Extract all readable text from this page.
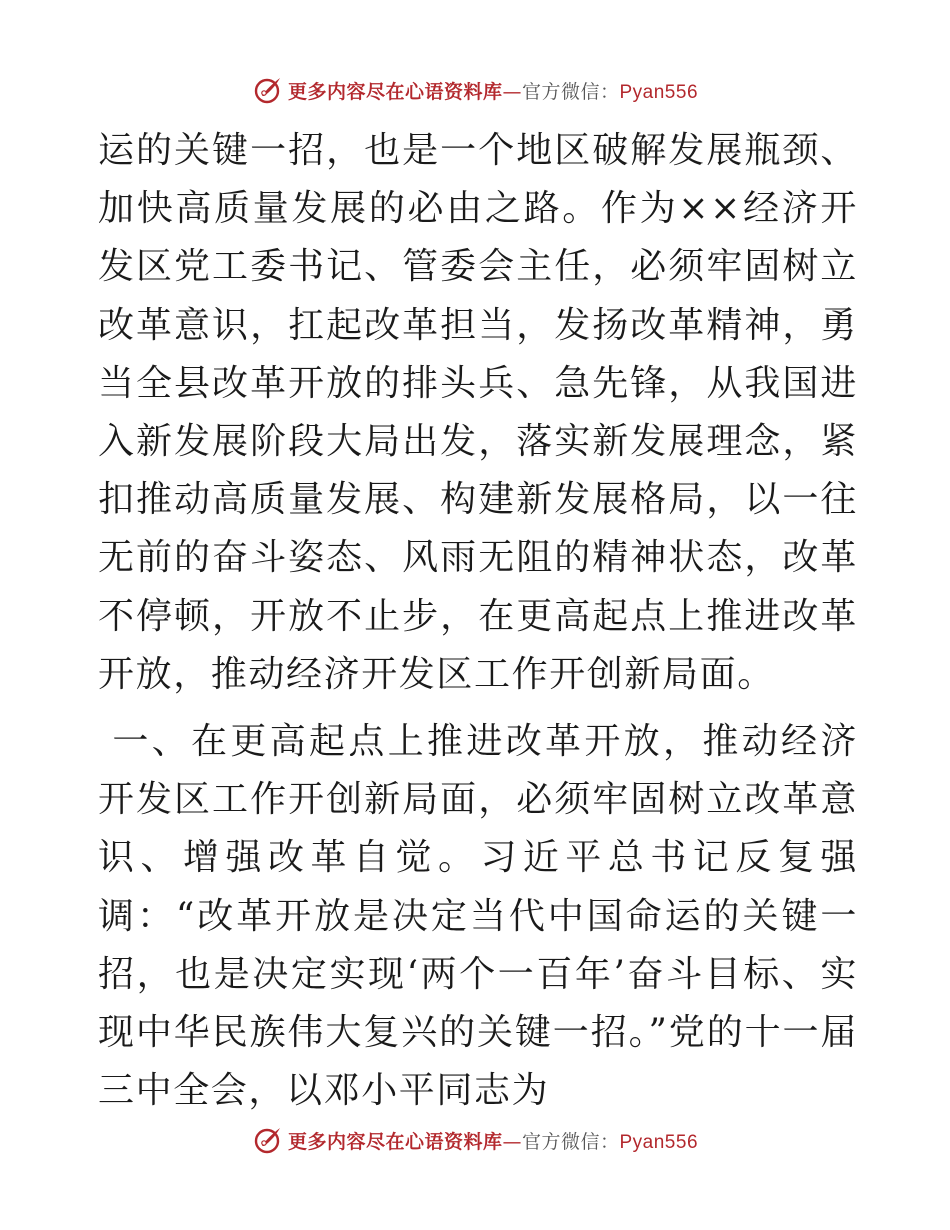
更多内容尽在心语资料库—官方微信：Pyan556

运的关键一招，也是一个地区破解发展瓶颈、加快高质量发展的必由之路。作为××经济开发区党工委书记、管委会主任，必须牢固树立改革意识，扛起改革担当，发扬改革精神，勇当全县改革开放的排头兵、急先锋，从我国进入新发展阶段大局出发，落实新发展理念，紧扣推动高质量发展、构建新发展格局，以一往无前的奋斗姿态、风雨无阻的精神状态，改革不停顿，开放不止步，在更高起点上推进改革开放，推动经济开发区工作开创新局面。

一、在更高起点上推进改革开放，推动经济开发区工作开创新局面，必须牢固树立改革意识、增强改革自觉。习近平总书记反复强调：“改革开放是决定当代中国命运的关键一招，也是决定实现‘两个一百年’奋斗目标、实现中华民族伟大复兴的关键一招。”党的十一届三中全会，以邓小平同志为

更多内容尽在心语资料库—官方微信：Pyan556
